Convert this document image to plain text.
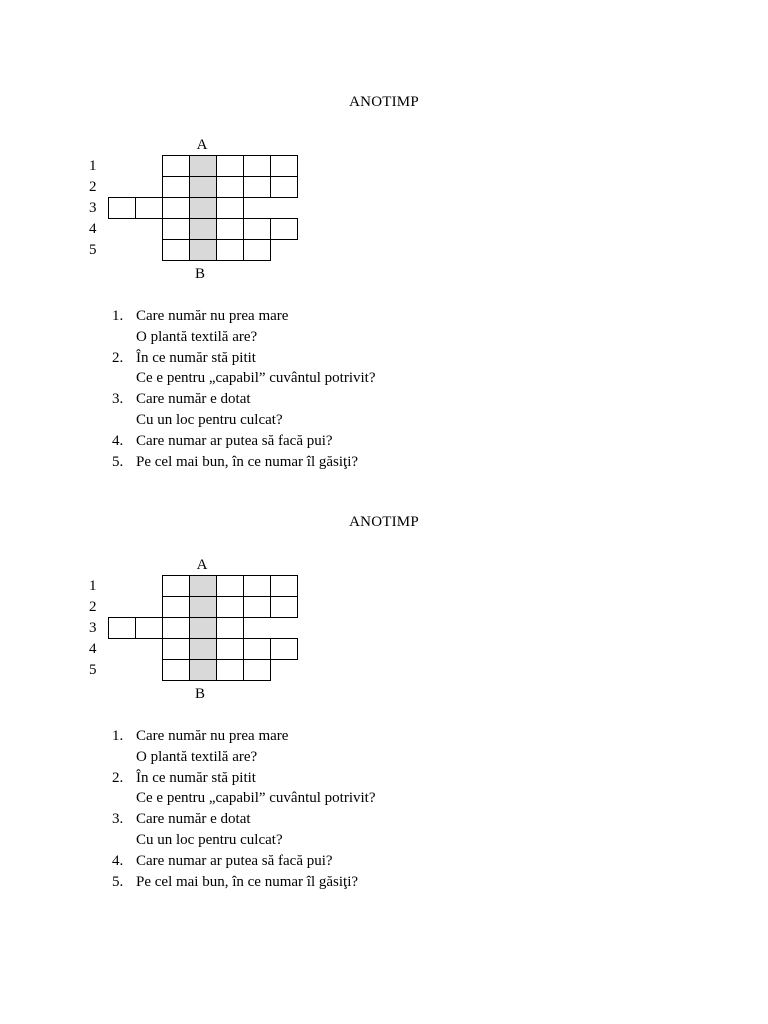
ANOTIMP
A
1
2
3
4
5
B
1. Care număr nu prea mare
O plantă textilă are?
2. În ce număr stă pitit
Ce e pentru „capabil” cuvântul potrivit?
3. Care număr e dotat
Cu un loc pentru culcat?
4. Care numar ar putea să facă pui?
5. Pe cel mai bun, în ce numar îl găsiţi?
ANOTIMP
A
1
2
3
4
5
B
1. Care număr nu prea mare
O plantă textilă are?
2. În ce număr stă pitit
Ce e pentru „capabil” cuvântul potrivit?
3. Care număr e dotat
Cu un loc pentru culcat?
4. Care numar ar putea să facă pui?
5. Pe cel mai bun, în ce numar îl găsiţi?
